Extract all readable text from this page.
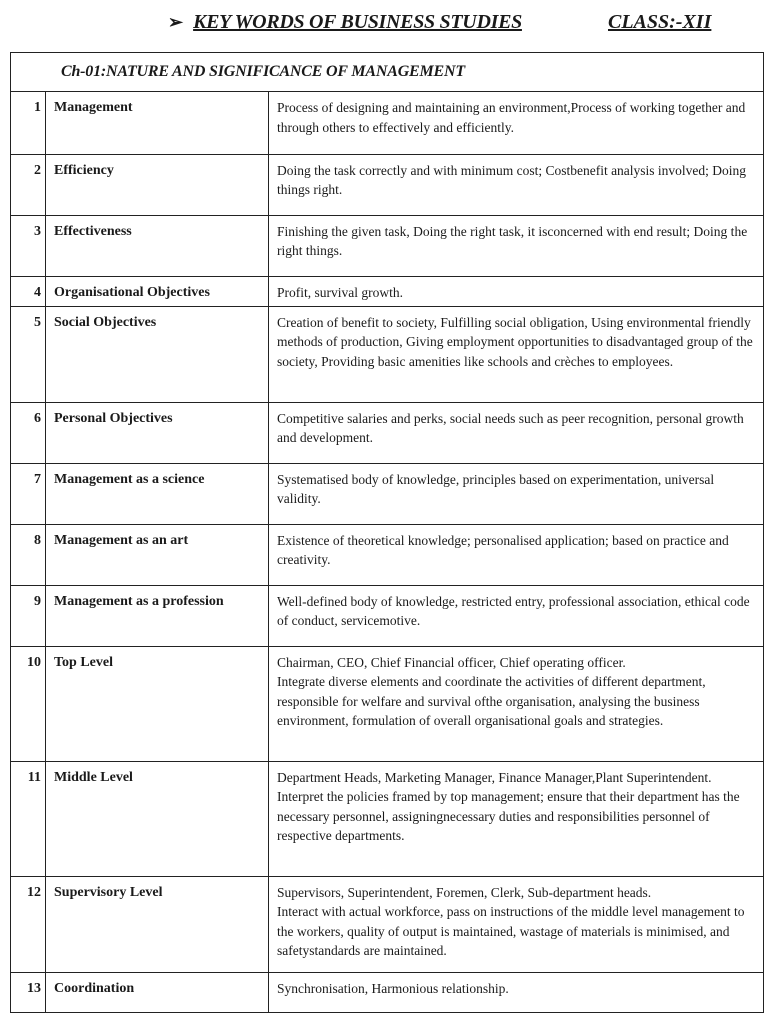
➢ KEY WORDS OF BUSINESS STUDIES	CLASS:-XII
Ch-01:NATURE AND SIGNIFICANCE OF MANAGEMENT
1	Management	Process of designing and maintaining an environment,Process of working together and through others to effectively and efficiently.

2	Efficiency	Doing the task correctly and with minimum cost; Costbenefit analysis involved; Doing things right.

3	Effectiveness	Finishing the given task, Doing the right task, it isconcerned with end result; Doing the right things.

4	Organisational Objectives	Profit, survival growth.

5	Social Objectives	Creation of benefit to society, Fulfilling social obligation, Using environmental friendly methods of production, Giving employment opportunities to disadvantaged group of the society, Providing basic amenities like schools and crèches to employees.

6	Personal Objectives	Competitive salaries and perks, social needs such as peer recognition, personal growth and development.

7	Management as a science	Systematised body of knowledge, principles based on experimentation, universal validity.

8	Management as an art	Existence of theoretical knowledge; personalised application; based on practice and creativity.

9	Management as a profession	Well-defined body of knowledge, restricted entry, professional association, ethical code of conduct, servicemotive.

10	Top Level	Chairman, CEO, Chief Financial officer, Chief operating officer.
Integrate diverse elements and coordinate the activities of different department, responsible for welfare and survival ofthe organisation, analysing the business environment, formulation of overall organisational goals and strategies.

11	Middle Level	Department Heads, Marketing Manager, Finance Manager,Plant Superintendent.
Interpret the policies framed by top management; ensure that their department has the necessary personnel, assigningnecessary duties and responsibilities personnel of respective departments.

12	Supervisory Level	Supervisors, Superintendent, Foremen, Clerk, Sub-department heads.
Interact with actual workforce, pass on instructions of the middle level management to the workers, quality of output is maintained, wastage of materials is minimised, and safetystandards are maintained.

13	Coordination	Synchronisation, Harmonious relationship.
